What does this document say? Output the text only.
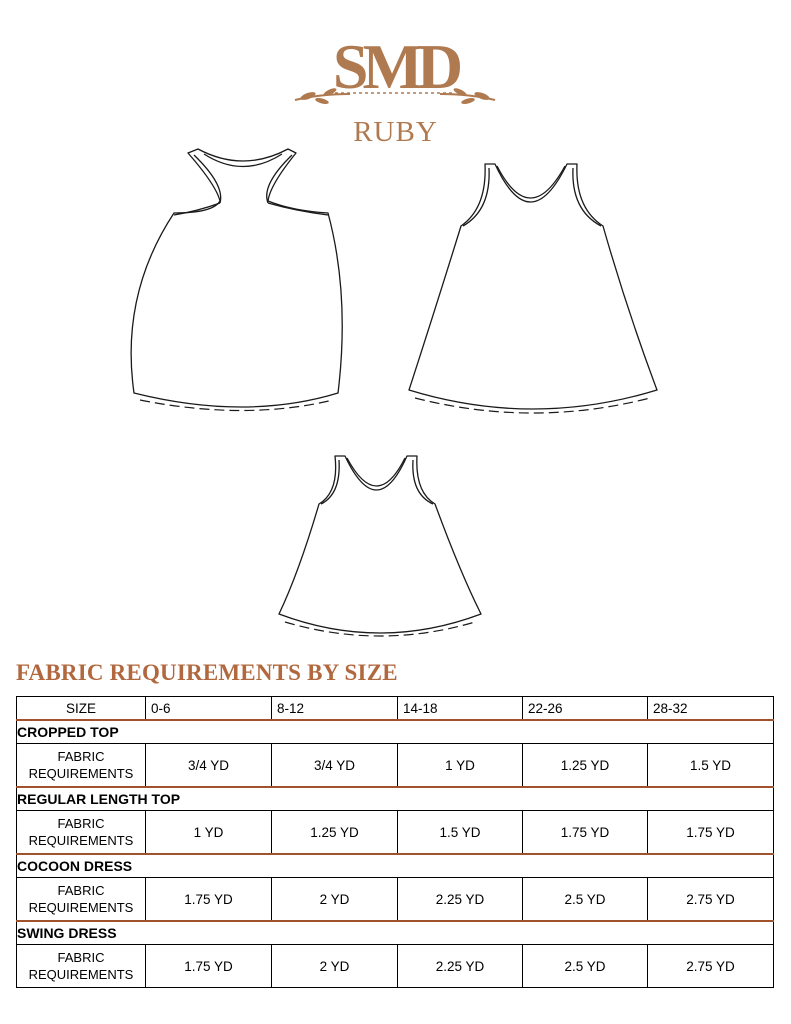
SMD
RUBY
FABRIC REQUIREMENTS BY SIZE
SIZE	0-6	8-12	14-18	22-26	28-32
CROPPED TOP					

FABRIC
REQUIREMENTS	3/4 YD	3/4 YD	1 YD	1.25 YD	1.5 YD
REGULAR LENGTH TOP					

FABRIC
REQUIREMENTS	1 YD	1.25 YD	1.5 YD	1.75 YD	1.75 YD
COCOON DRESS					

FABRIC
REQUIREMENTS	1.75 YD	2 YD	2.25 YD	2.5 YD	2.75 YD
SWING DRESS					

FABRIC
REQUIREMENTS	1.75 YD	2 YD	2.25 YD	2.5 YD	2.75 YD
